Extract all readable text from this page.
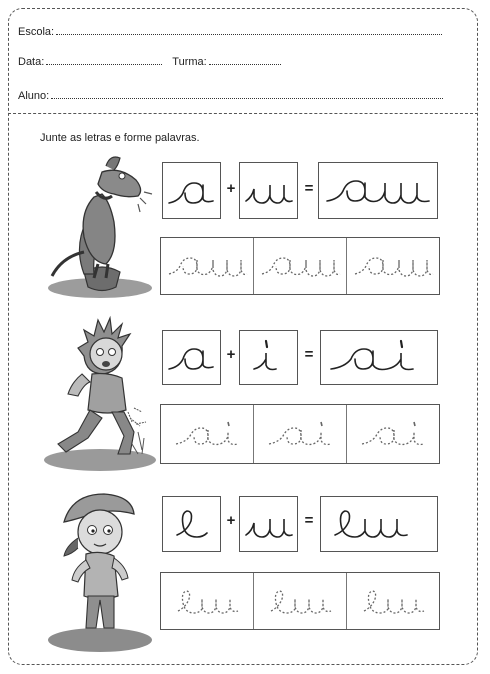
Escola:
Data:	Turma:
Aluno:
Junte as letras e forme palavras.
+	=
+	=
+	=
